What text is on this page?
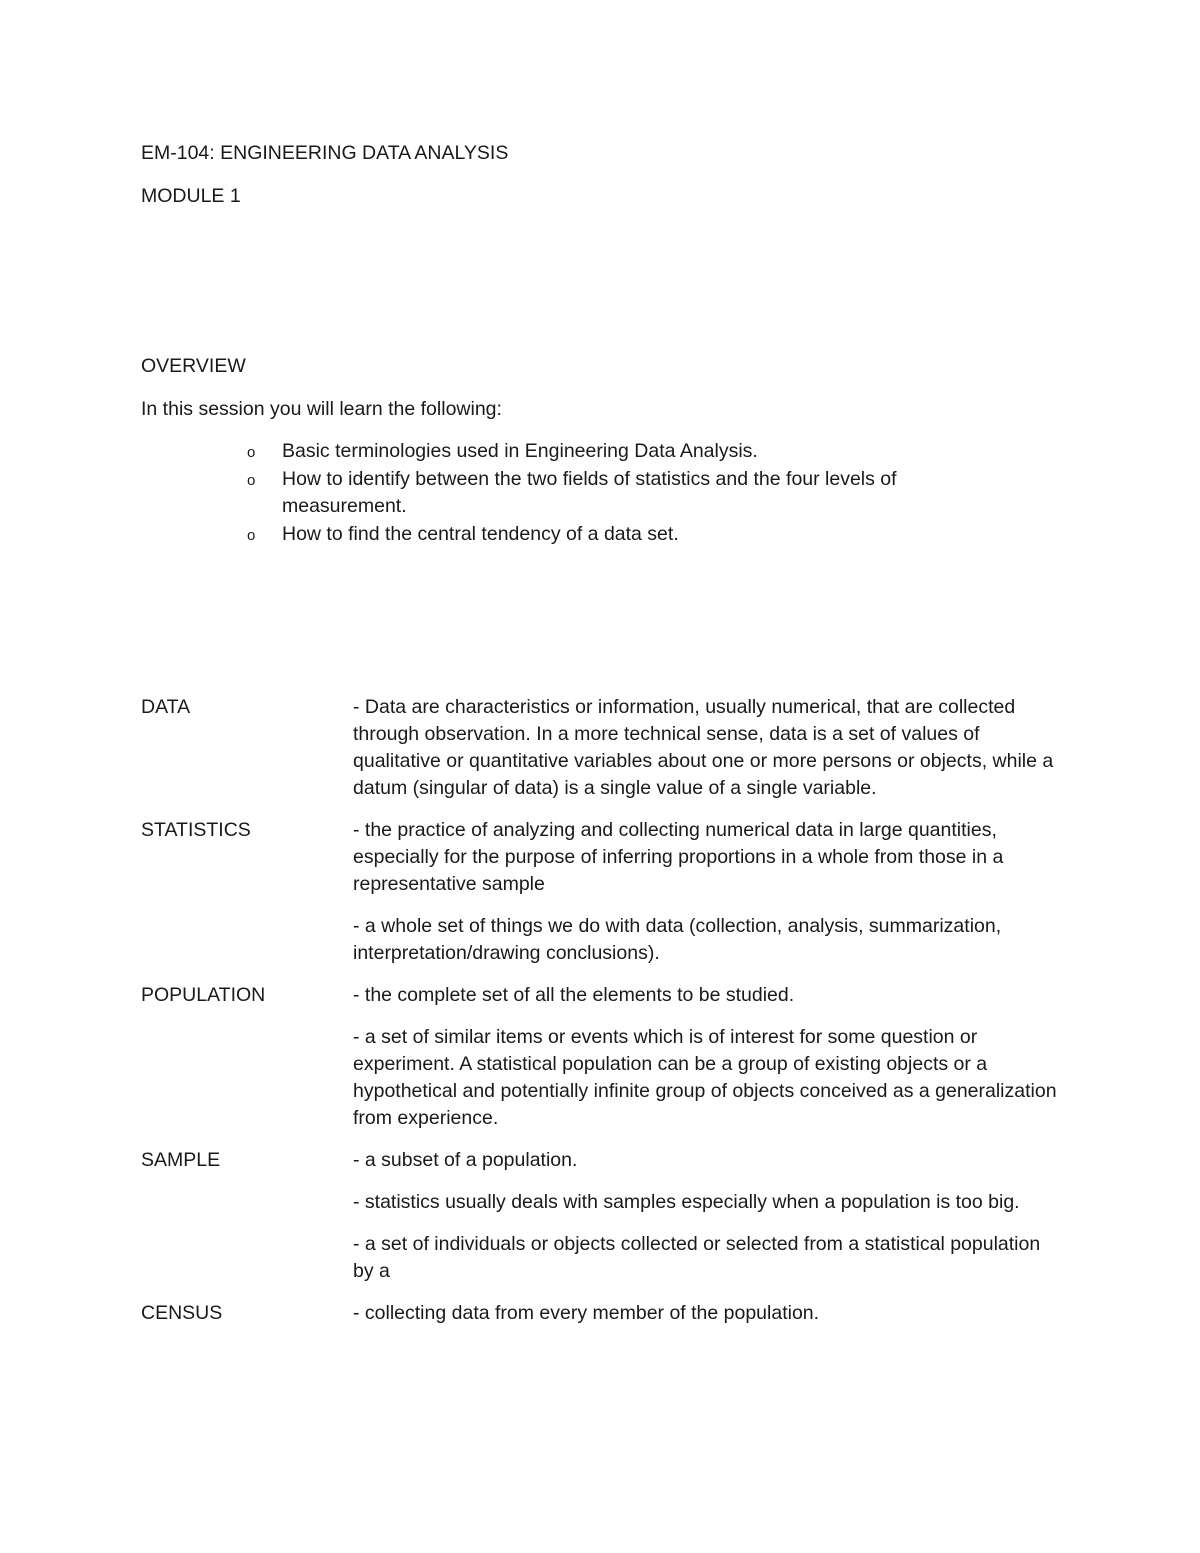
EM-104: ENGINEERING DATA ANALYSIS
MODULE 1
OVERVIEW
In this session you will learn the following:
o Basic terminologies used in Engineering Data Analysis.
o How to identify between the two fields of statistics and the four levels of measurement.
o How to find the central tendency of a data set.
DATA	- Data are characteristics or information, usually numerical, that are collected through observation. In a more technical sense, data is a set of values of qualitative or quantitative variables about one or more persons or objects, while a datum (singular of data) is a single value of a single variable.

STATISTICS	- the practice of analyzing and collecting numerical data in large quantities, especially for the purpose of inferring proportions in a whole from those in a representative sample

- a whole set of things we do with data (collection, analysis, summarization, interpretation/drawing conclusions).

POPULATION	- the complete set of all the elements to be studied.

- a set of similar items or events which is of interest for some question or experiment. A statistical population can be a group of existing objects or a hypothetical and potentially infinite group of objects conceived as a generalization from experience.

SAMPLE	- a subset of a population.

- statistics usually deals with samples especially when a population is too big.

- a set of individuals or objects collected or selected from a statistical population by a

CENSUS	- collecting data from every member of the population.
